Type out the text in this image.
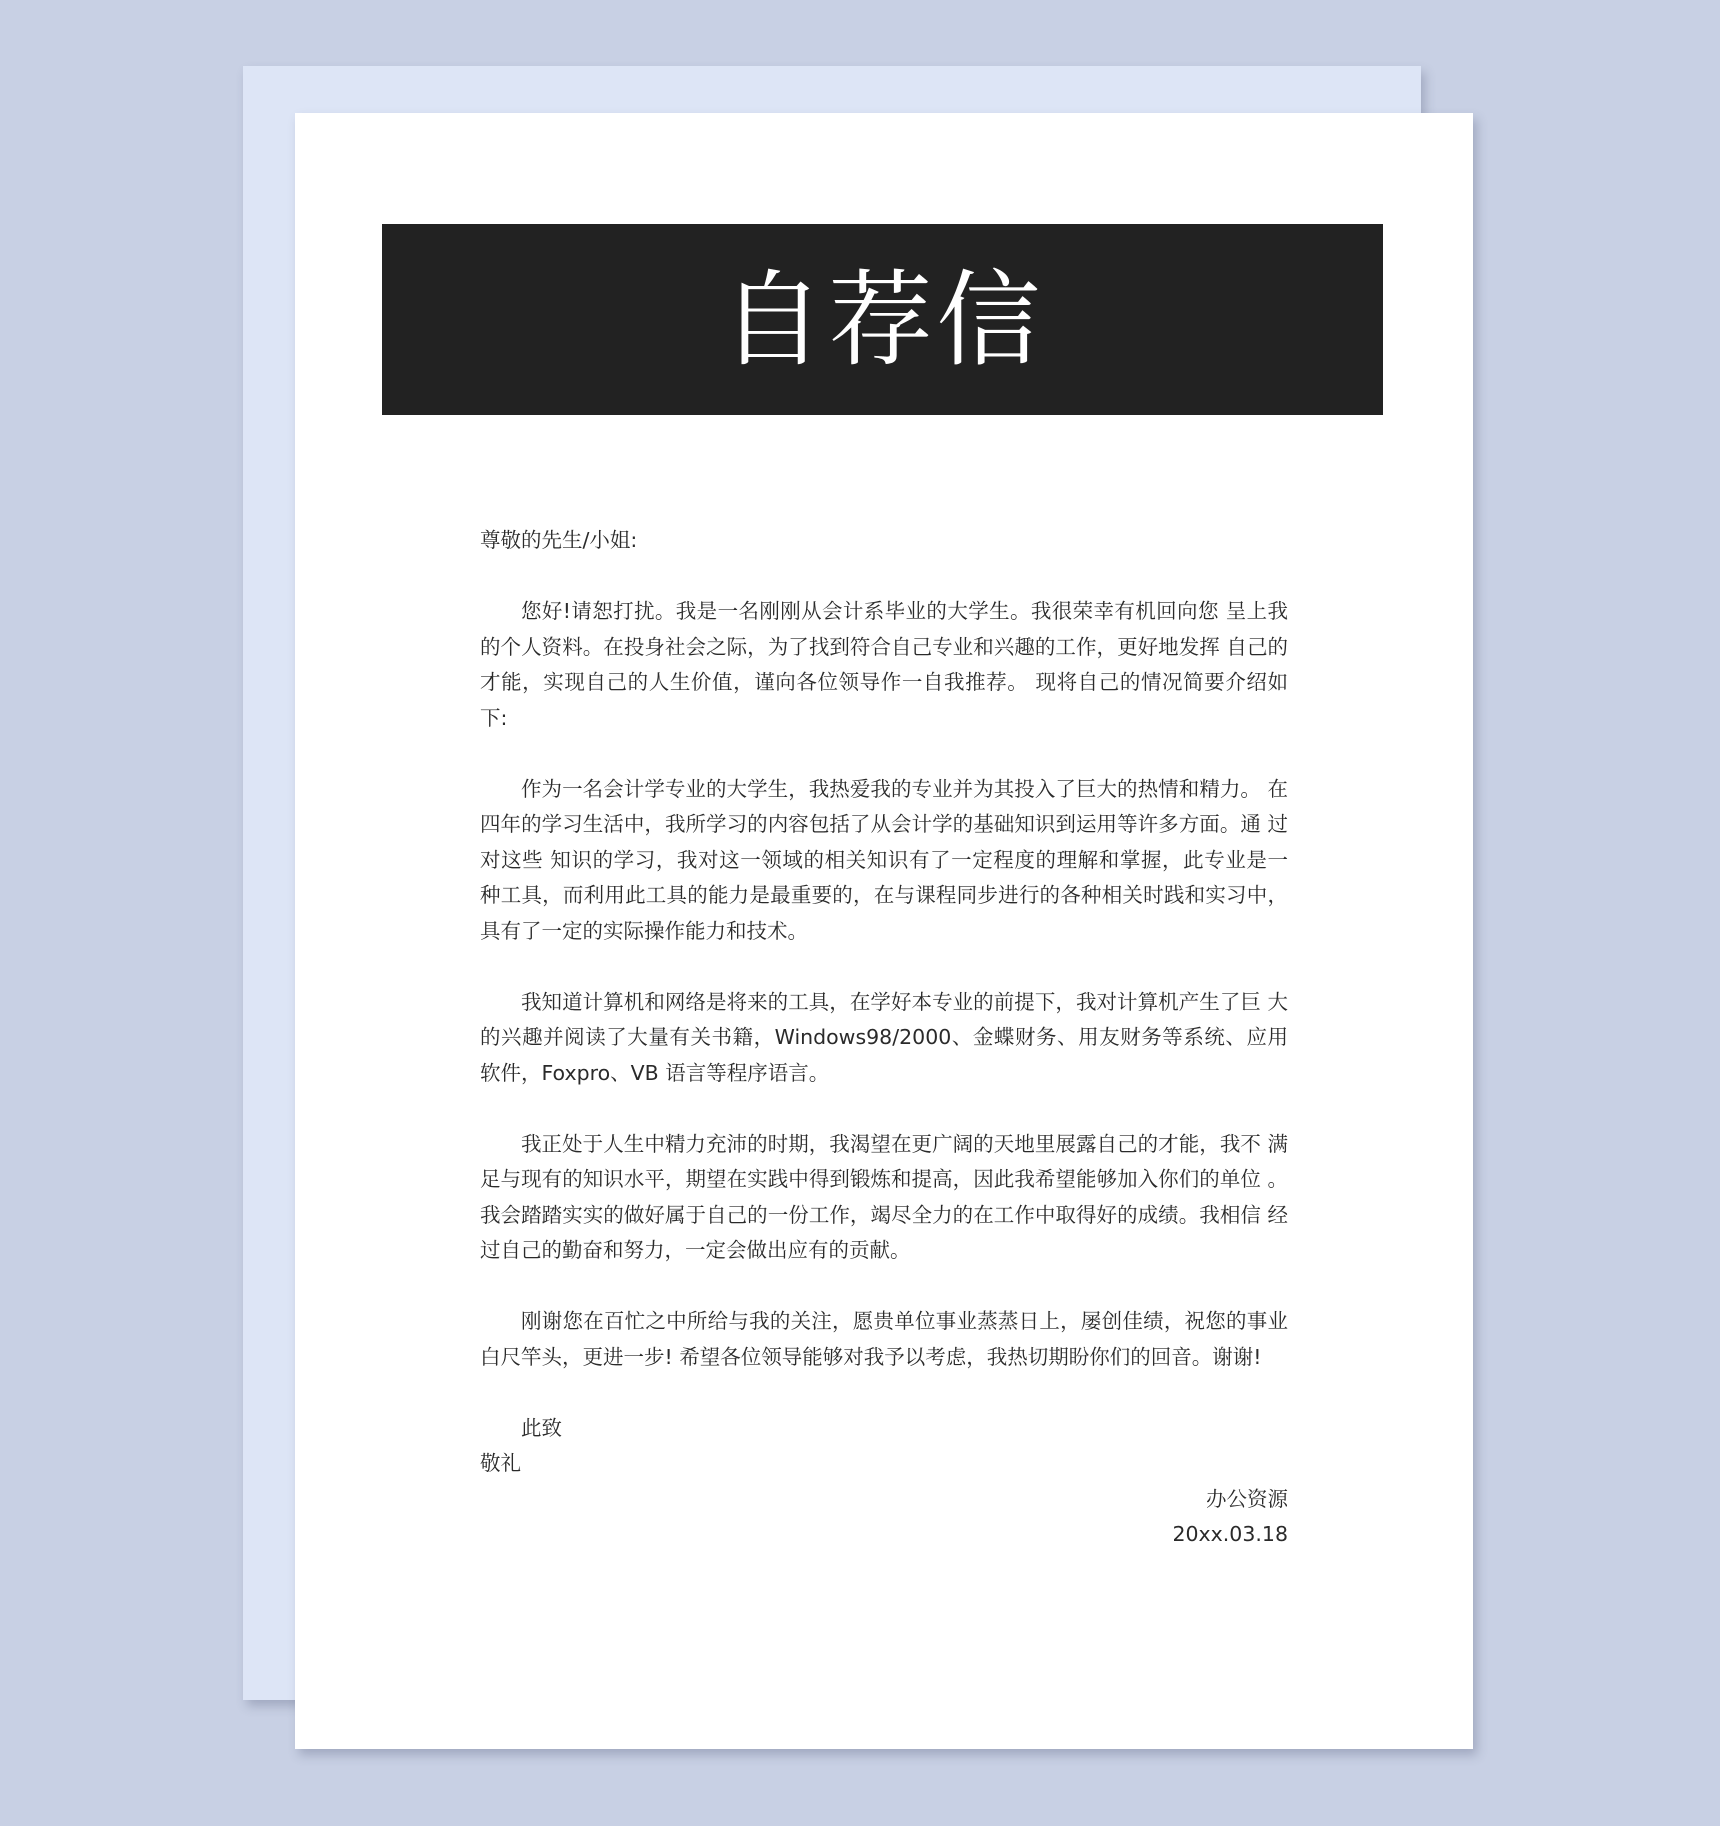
自荐信

尊敬的先生/小姐:

您好!请恕打扰。我是一名刚刚从会计系毕业的大学生。我很荣幸有机回向您 呈上我的个人资料。在投身社会之际，为了找到符合自己专业和兴趣的工作，更好地发挥 自己的才能，实现自己的人生价值，谨向各位领导作一自我推荐。 现将自己的情况简要介绍如下:

作为一名会计学专业的大学生，我热爱我的专业并为其投入了巨大的热情和精力。 在四年的学习生活中，我所学习的内容包括了从会计学的基础知识到运用等许多方面。通 过对这些 知识的学习，我对这一领域的相关知识有了一定程度的理解和掌握，此专业是一 种工具，而利用此工具的能力是最重要的，在与课程同步进行的各种相关时践和实习中， 具有了一定的实际操作能力和技术。

我知道计算机和网络是将来的工具，在学好本专业的前提下，我对计算机产生了巨 大的兴趣并阅读了大量有关书籍，Windows98/2000、金蝶财务、用友财务等系统、应用 软件，Foxpro、VB 语言等程序语言。

我正处于人生中精力充沛的时期，我渴望在更广阔的天地里展露自己的才能，我不 满足与现有的知识水平，期望在实践中得到锻炼和提高，因此我希望能够加入你们的单位 。我会踏踏实实的做好属于自己的一份工作，竭尽全力的在工作中取得好的成绩。我相信 经过自己的勤奋和努力，一定会做出应有的贡献。

刚谢您在百忙之中所给与我的关注，愿贵单位事业蒸蒸日上，屡创佳绩，祝您的事业 白尺竿头，更进一步! 希望各位领导能够对我予以考虑，我热切期盼你们的回音。谢谢!

此致

敬礼

办公资源

20xx.03.18
